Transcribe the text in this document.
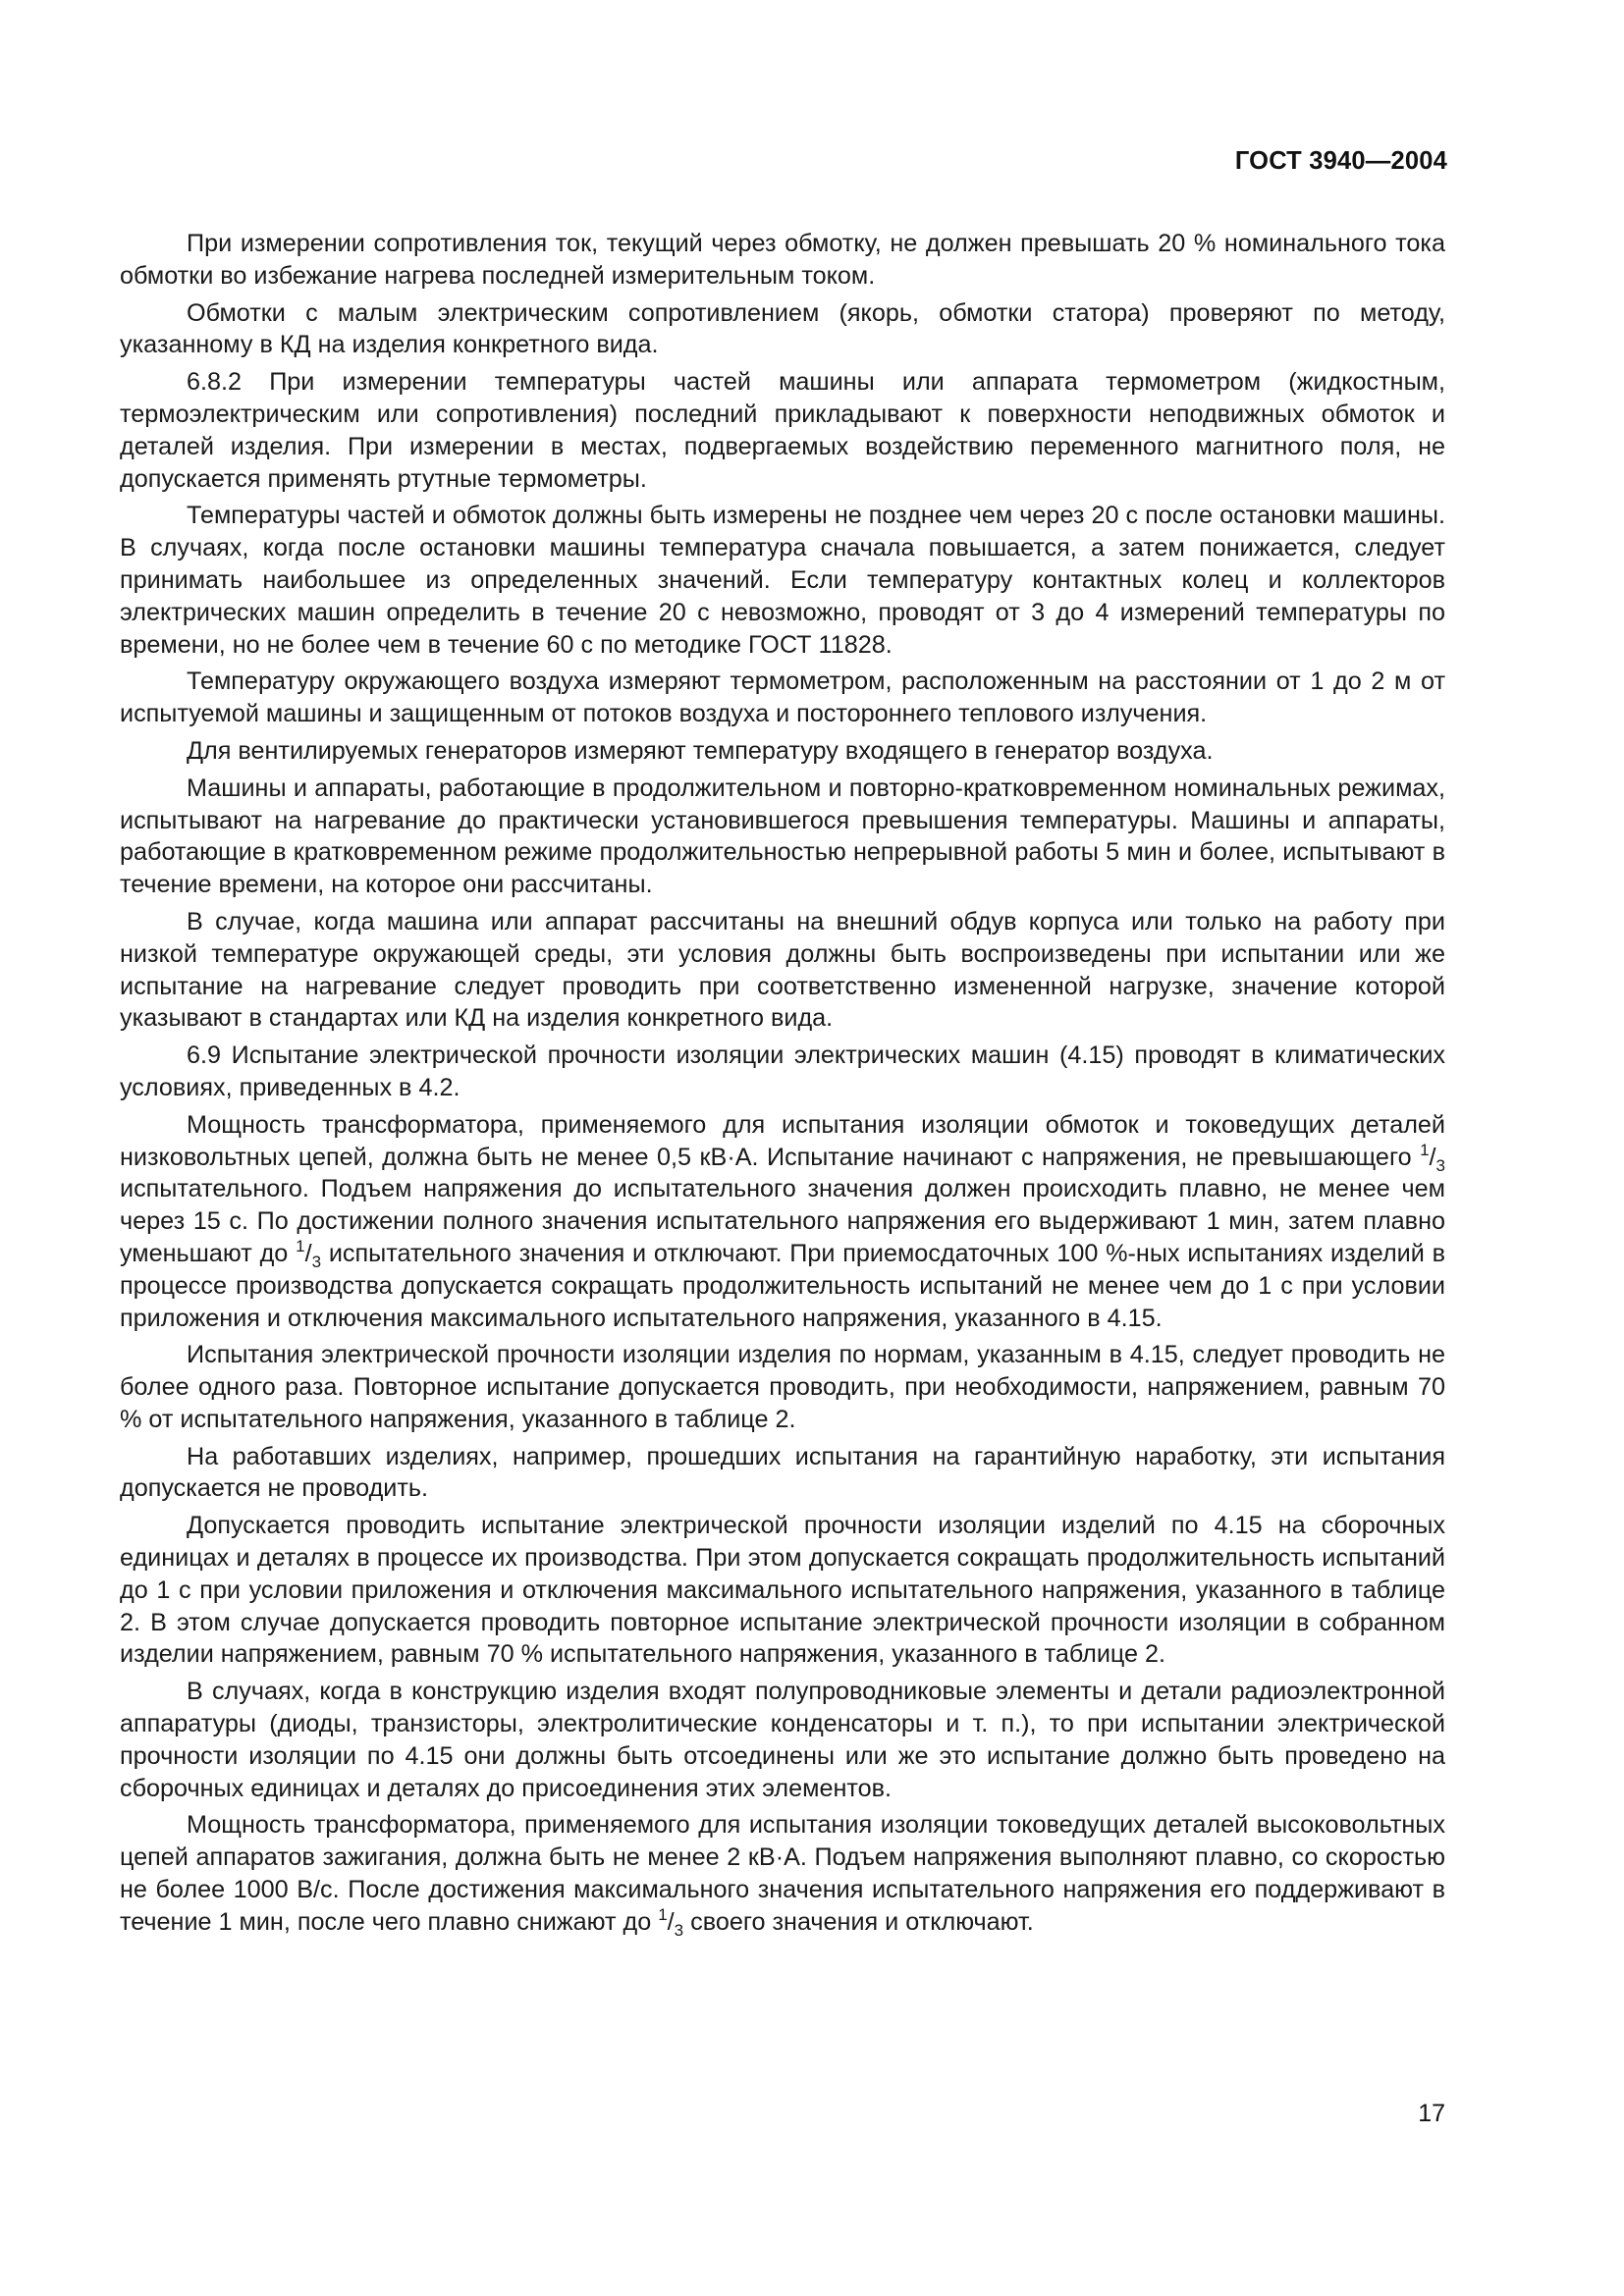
ГОСТ 3940—2004

При измерении сопротивления ток, текущий через обмотку, не должен превышать 20 % номинального тока обмотки во избежание нагрева последней измерительным током.

Обмотки с малым электрическим сопротивлением (якорь, обмотки статора) проверяют по методу, указанному в КД на изделия конкретного вида.

6.8.2 При измерении температуры частей машины или аппарата термометром (жидкостным, термоэлектрическим или сопротивления) последний прикладывают к поверхности неподвижных обмоток и деталей изделия. При измерении в местах, подвергаемых воздействию переменного магнитного поля, не допускается применять ртутные термометры.

Температуры частей и обмоток должны быть измерены не позднее чем через 20 с после остановки машины. В случаях, когда после остановки машины температура сначала повышается, а затем понижается, следует принимать наибольшее из определенных значений. Если температуру контактных колец и коллекторов электрических машин определить в течение 20 с невозможно, проводят от 3 до 4 измерений температуры по времени, но не более чем в течение 60 с по методике ГОСТ 11828.

Температуру окружающего воздуха измеряют термометром, расположенным на расстоянии от 1 до 2 м от испытуемой машины и защищенным от потоков воздуха и постороннего теплового излучения.

Для вентилируемых генераторов измеряют температуру входящего в генератор воздуха.

Машины и аппараты, работающие в продолжительном и повторно-кратковременном номинальных режимах, испытывают на нагревание до практически установившегося превышения температуры. Машины и аппараты, работающие в кратковременном режиме продолжительностью непрерывной работы 5 мин и более, испытывают в течение времени, на которое они рассчитаны.

В случае, когда машина или аппарат рассчитаны на внешний обдув корпуса или только на работу при низкой температуре окружающей среды, эти условия должны быть воспроизведены при испытании или же испытание на нагревание следует проводить при соответственно измененной нагрузке, значение которой указывают в стандартах или КД на изделия конкретного вида.

6.9 Испытание электрической прочности изоляции электрических машин (4.15) проводят в климатических условиях, приведенных в 4.2.

Мощность трансформатора, применяемого для испытания изоляции обмоток и токоведущих деталей низковольтных цепей, должна быть не менее 0,5 кВ·А. Испытание начинают с напряжения, не превышающего $^1/_3$ испытательного. Подъем напряжения до испытательного значения должен происходить плавно, не менее чем через 15 с. По достижении полного значения испытательного напряжения его выдерживают 1 мин, затем плавно уменьшают до $^1/_3$ испытательного значения и отключают. При приемосдаточных 100 %-ных испытаниях изделий в процессе производства допускается сокращать продолжительность испытаний не менее чем до 1 с при условии приложения и отключения максимального испытательного напряжения, указанного в 4.15.

Испытания электрической прочности изоляции изделия по нормам, указанным в 4.15, следует проводить не более одного раза. Повторное испытание допускается проводить, при необходимости, напряжением, равным 70 % от испытательного напряжения, указанного в таблице 2.

На работавших изделиях, например, прошедших испытания на гарантийную наработку, эти испытания допускается не проводить.

Допускается проводить испытание электрической прочности изоляции изделий по 4.15 на сборочных единицах и деталях в процессе их производства. При этом допускается сокращать продолжительность испытаний до 1 с при условии приложения и отключения максимального испытательного напряжения, указанного в таблице 2. В этом случае допускается проводить повторное испытание электрической прочности изоляции в собранном изделии напряжением, равным 70 % испытательного напряжения, указанного в таблице 2.

В случаях, когда в конструкцию изделия входят полупроводниковые элементы и детали радиоэлектронной аппаратуры (диоды, транзисторы, электролитические конденсаторы и т. п.), то при испытании электрической прочности изоляции по 4.15 они должны быть отсоединены или же это испытание должно быть проведено на сборочных единицах и деталях до присоединения этих элементов.

Мощность трансформатора, применяемого для испытания изоляции токоведущих деталей высоковольтных цепей аппаратов зажигания, должна быть не менее 2 кВ·А. Подъем напряжения выполняют плавно, со скоростью не более 1000 В/с. После достижения максимального значения испытательного напряжения его поддерживают в течение 1 мин, после чего плавно снижают до $^1/_3$ своего значения и отключают.

17
